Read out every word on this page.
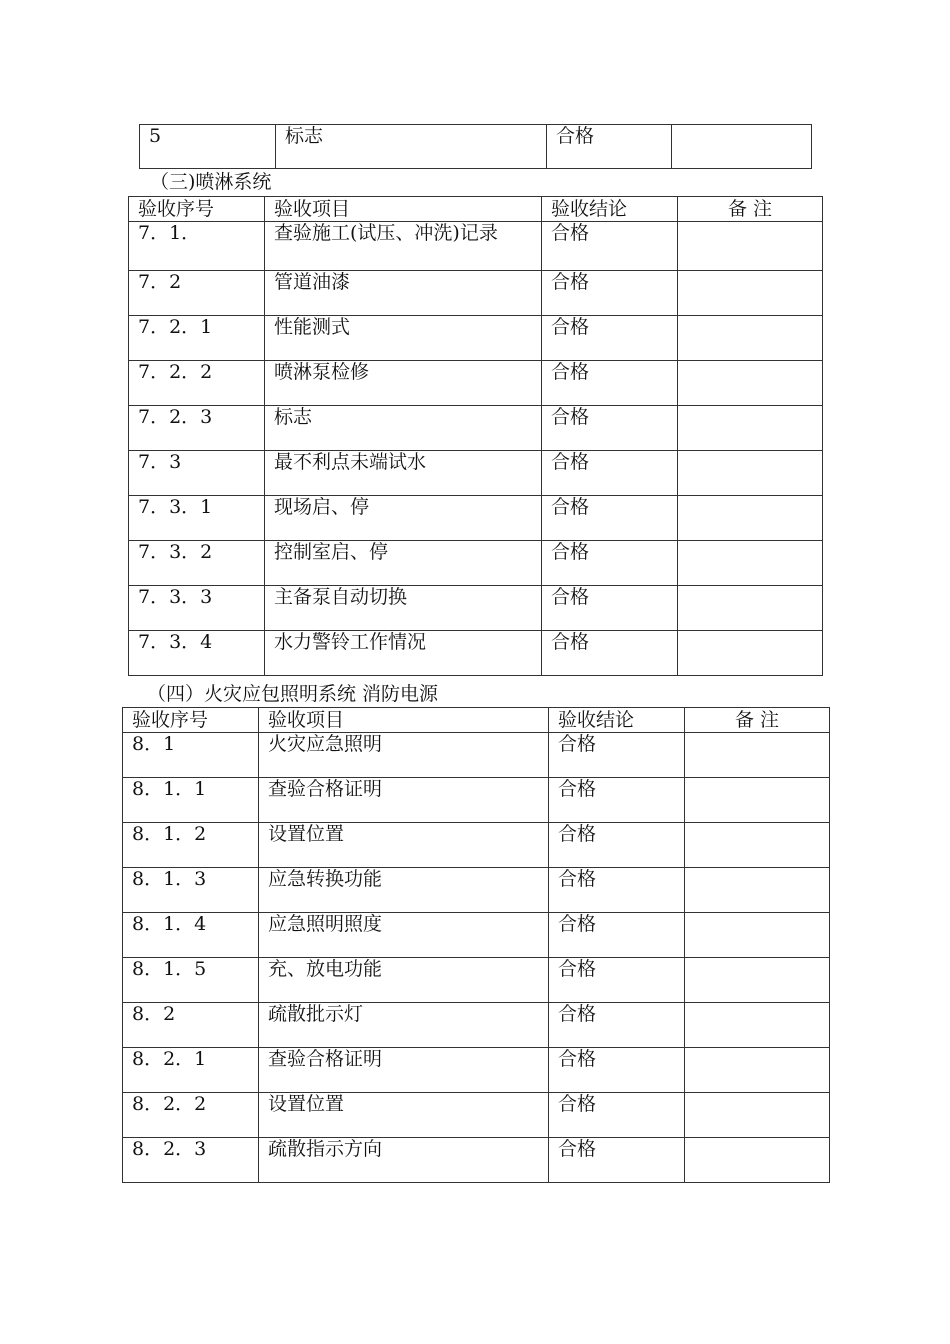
5	标志	合格	
（三)喷淋系统
验收序号	验收项目	验收结论	备 注
7．1．	查验施工(试压、冲洗)记录	合格	
7．2	管道油漆	合格	
7．2．1	性能测式	合格	
7．2．2	喷淋泵检修	合格	
7．2．3	标志	合格	
7．3	最不利点未端试水	合格	
7．3．1	现场启、停	合格	
7．3．2	控制室启、停	合格	
7．3．3	主备泵自动切换	合格	
7．3．4	水力警铃工作情况	合格	
（四）火灾应包照明系统 消防电源
验收序号	验收项目	验收结论	备 注
8．1	火灾应急照明	合格	
8．1．1	查验合格证明	合格	
8．1．2	设置位置	合格	
8．1．3	应急转换功能	合格	
8．1．4	应急照明照度	合格	
8．1．5	充、放电功能	合格	
8．2	疏散批示灯	合格	
8．2．1	查验合格证明	合格	
8．2．2	设置位置	合格	
8．2．3	疏散指示方向	合格	
